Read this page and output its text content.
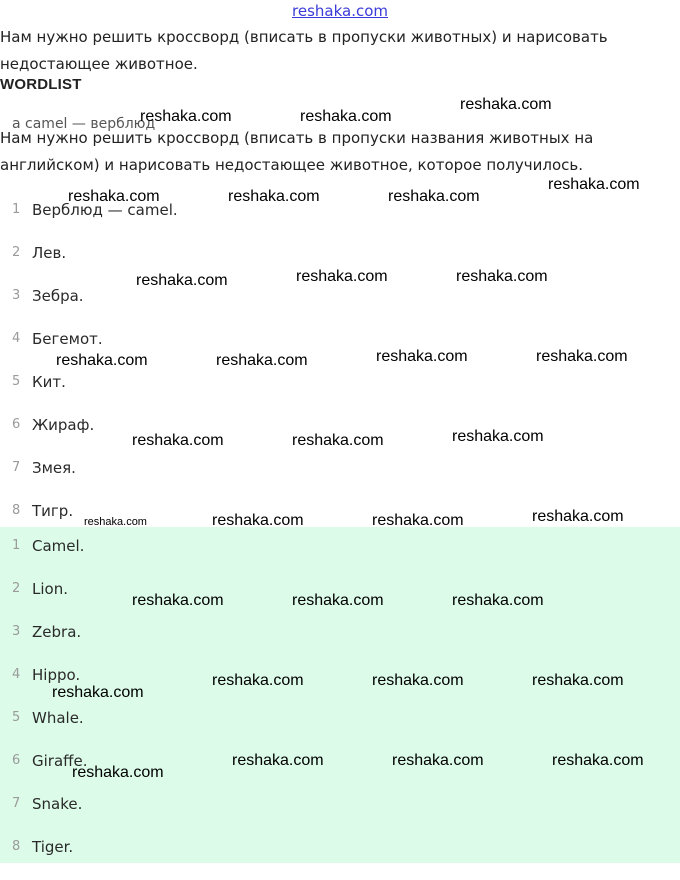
reshaka.com

Нам нужно решить кроссворд (вписать в пропуски животных) и нарисовать недостающее животное.

WORDLIST
a camel — верблюд

Нам нужно решить кроссворд (вписать в пропуски названия животных на английском) и нарисовать недостающее животное, которое получилось.

1 Верблюд — camel.
2 Лев.
3 Зебра.
4 Бегемот.
5 Кит.
6 Жираф.
7 Змея.
8 Тигр.
1 Camel.
2 Lion.
3 Zebra.
4 Hippo.
5 Whale.
6 Giraffe.
7 Snake.
8 Tiger.
reshaka.com	reshaka.com
reshaka.com
reshaka.com	reshaka.com	reshaka.com
reshaka.com
reshaka.com	reshaka.com	reshaka.com
reshaka.com	reshaka.com	reshaka.com	reshaka.com
reshaka.com	reshaka.com	reshaka.com
reshaka.com	reshaka.com	reshaka.com	reshaka.com
reshaka.com	reshaka.com	reshaka.com
reshaka.com
reshaka.com	reshaka.com	reshaka.com
reshaka.com
reshaka.com	reshaka.com	reshaka.com
